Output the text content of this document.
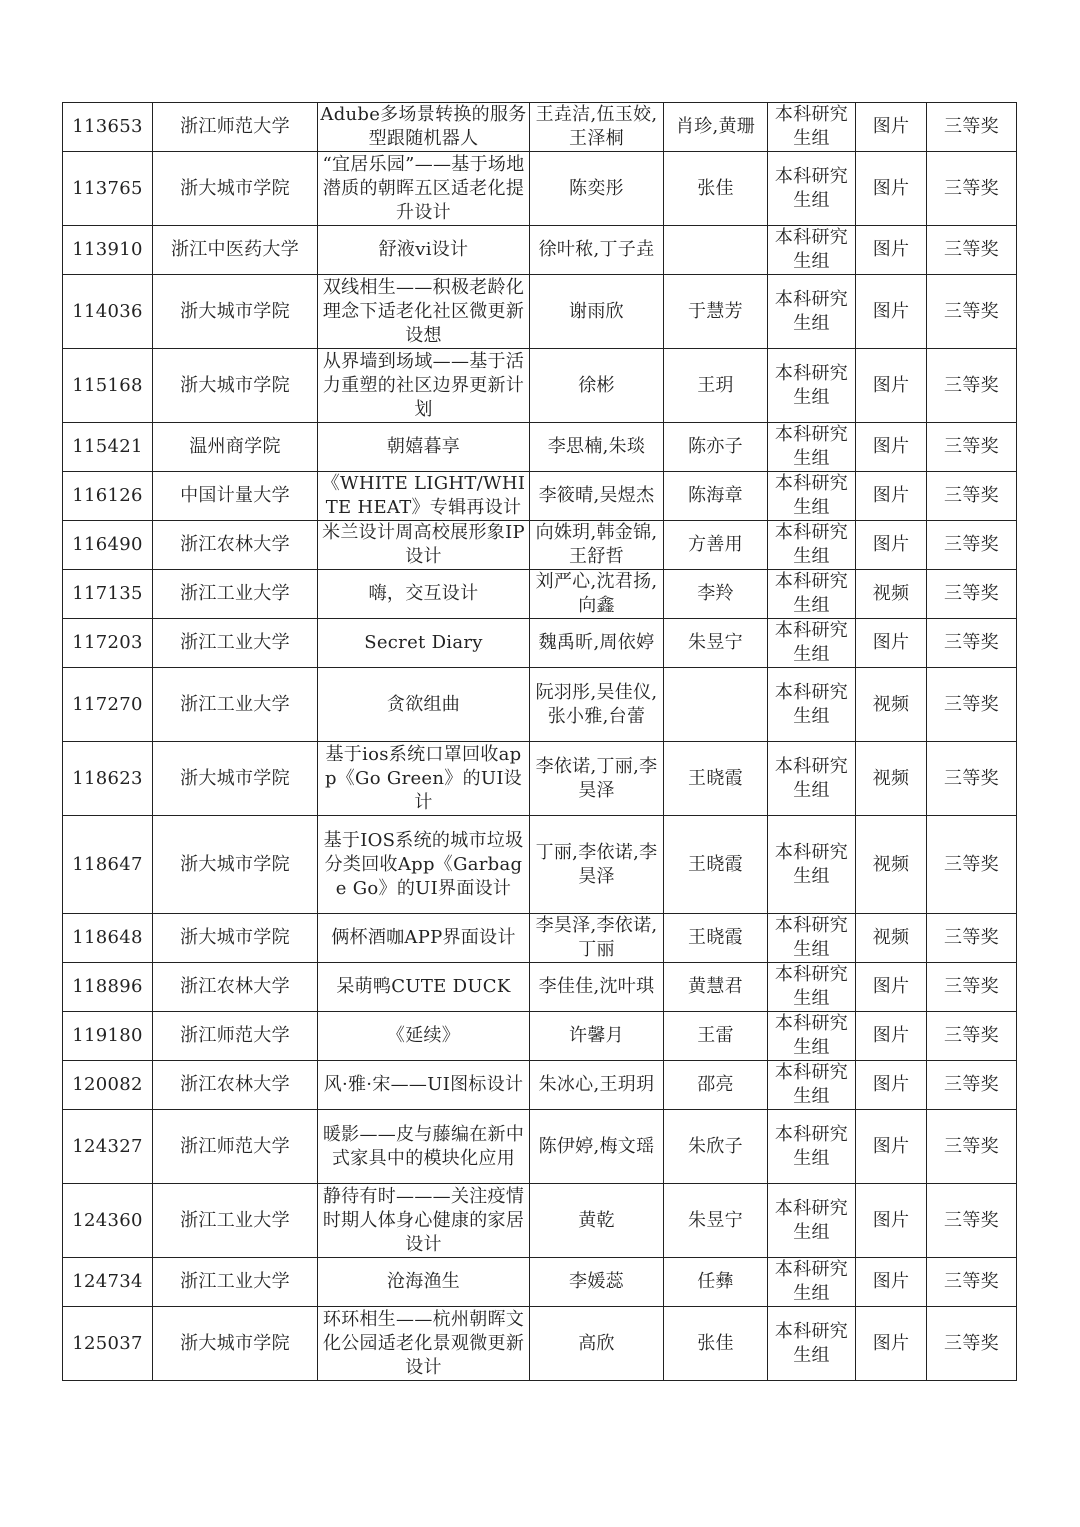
113653	浙江师范大学	Adube多场景转换的服务型跟随机器人	王垚洁,伍玉姣,王泽桐	肖珍,黄珊	本科研究生组	图片	三等奖
113765	浙大城市学院	“宜居乐园”——基于场地潜质的朝晖五区适老化提升设计	陈奕彤	张佳	本科研究生组	图片	三等奖
113910	浙江中医药大学	舒液vi设计	徐叶秾,丁子垚		本科研究生组	图片	三等奖
114036	浙大城市学院	双线相生——积极老龄化理念下适老化社区微更新设想	谢雨欣	于慧芳	本科研究生组	图片	三等奖
115168	浙大城市学院	从界墙到场域——基于活力重塑的社区边界更新计划	徐彬	王玥	本科研究生组	图片	三等奖
115421	温州商学院	朝嬉暮享	李思楠,朱琰	陈亦子	本科研究生组	图片	三等奖
116126	中国计量大学	《WHITE LIGHT/WHITE HEAT》专辑再设计	李筱晴,吴煜杰	陈海章	本科研究生组	图片	三等奖
116490	浙江农林大学	米兰设计周高校展形象IP设计	向姝玥,韩金锦,王舒哲	方善用	本科研究生组	图片	三等奖
117135	浙江工业大学	嗨，交互设计	刘严心,沈君扬,向鑫	李羚	本科研究生组	视频	三等奖
117203	浙江工业大学	Secret Diary	魏禹昕,周依婷	朱昱宁	本科研究生组	图片	三等奖
117270	浙江工业大学	贪欲组曲	阮羽彤,吴佳仪,张小雅,台蕾		本科研究生组	视频	三等奖
118623	浙大城市学院	基于ios系统口罩回收app《Go Green》的UI设计	李依诺,丁丽,李昊泽	王晓霞	本科研究生组	视频	三等奖
118647	浙大城市学院	基于IOS系统的城市垃圾分类回收App《Garbage Go》的UI界面设计	丁丽,李依诺,李昊泽	王晓霞	本科研究生组	视频	三等奖
118648	浙大城市学院	俩杯酒咖APP界面设计	李昊泽,李依诺,丁丽	王晓霞	本科研究生组	视频	三等奖
118896	浙江农林大学	呆萌鸭CUTE DUCK	李佳佳,沈叶琪	黄慧君	本科研究生组	图片	三等奖
119180	浙江师范大学	《延续》	许馨月	王雷	本科研究生组	图片	三等奖
120082	浙江农林大学	风·雅·宋——UI图标设计	朱冰心,王玥玥	邵亮	本科研究生组	图片	三等奖
124327	浙江师范大学	暖影——皮与藤编在新中式家具中的模块化应用	陈伊婷,梅文瑶	朱欣子	本科研究生组	图片	三等奖
124360	浙江工业大学	静待有时———关注疫情时期人体身心健康的家居设计	黄乾	朱昱宁	本科研究生组	图片	三等奖
124734	浙江工业大学	沧海渔生	李媛蕊	任彝	本科研究生组	图片	三等奖
125037	浙大城市学院	环环相生——杭州朝晖文化公园适老化景观微更新设计	高欣	张佳	本科研究生组	图片	三等奖
